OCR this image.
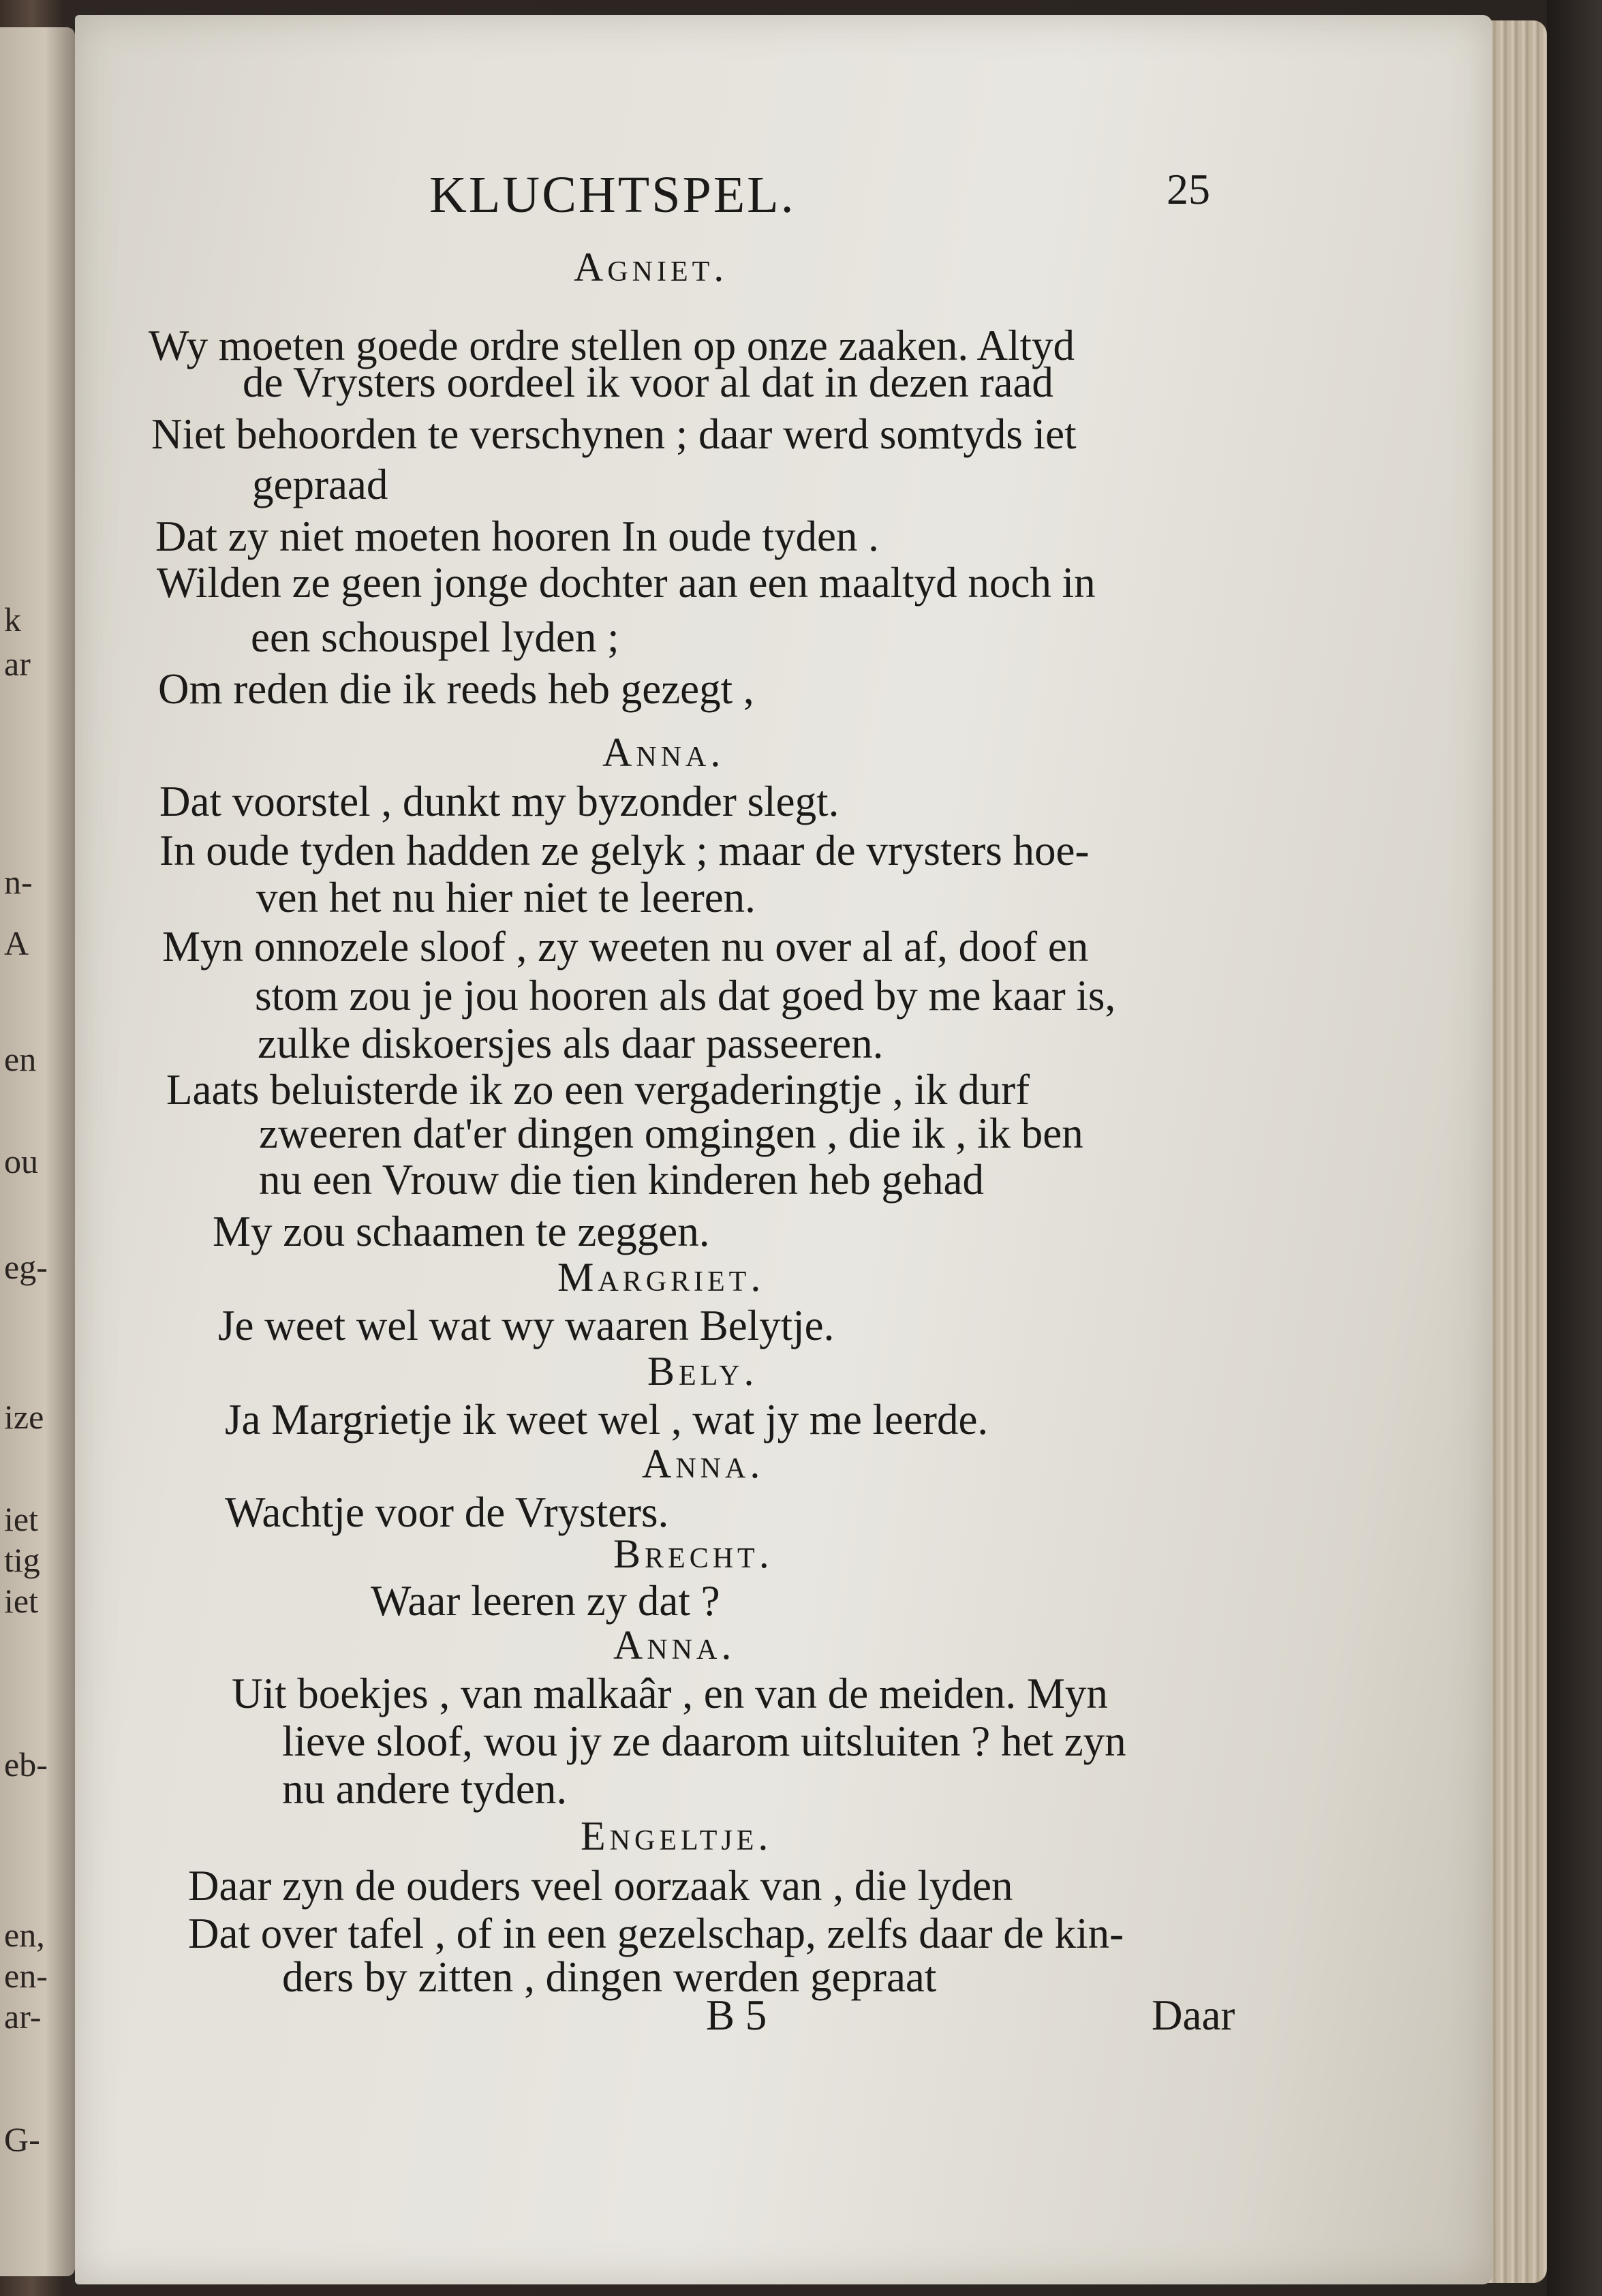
k
ar
n-
A
en
ou
eg-
ize
iet
tig
iet
eb-
en,
en-
ar-
G-
KLUCHTSPEL.	25
Agniet.
Wy moeten goede ordre stellen op onze zaaken. Altyd
de Vrysters oordeel ik voor al dat in dezen raad
Niet behoorden te verschynen ; daar werd somtyds iet
gepraad
Dat zy niet moeten hooren In oude tyden .
Wilden ze geen jonge dochter aan een maaltyd noch in
een schouspel lyden ;
Om reden die ik reeds heb gezegt ,
Anna.
Dat voorstel , dunkt my byzonder slegt.
In oude tyden hadden ze gelyk ; maar de vrysters hoe-
ven het nu hier niet te leeren.
Myn onnozele sloof , zy weeten nu over al af, doof en
stom zou je jou hooren als dat goed by me kaar is,
zulke diskoersjes als daar passeeren.
Laats beluisterde ik zo een vergaderingtje , ik durf
zweeren dat'er dingen omgingen , die ik , ik ben
nu een Vrouw die tien kinderen heb gehad
My zou schaamen te zeggen.
Margriet.
Je weet wel wat wy waaren Belytje.
Bely.
Ja Margrietje ik weet wel , wat jy me leerde.
Anna.
Wachtje voor de Vrysters.
Brecht.
Waar leeren zy dat ?
Anna.
Uit boekjes , van malkaâr , en van de meiden. Myn
lieve sloof, wou jy ze daarom uitsluiten ? het zyn
nu andere tyden.
Engeltje.
Daar zyn de ouders veel oorzaak van , die lyden
Dat over tafel , of in een gezelschap, zelfs daar de kin-
ders by zitten , dingen werden gepraat
B 5	Daar
